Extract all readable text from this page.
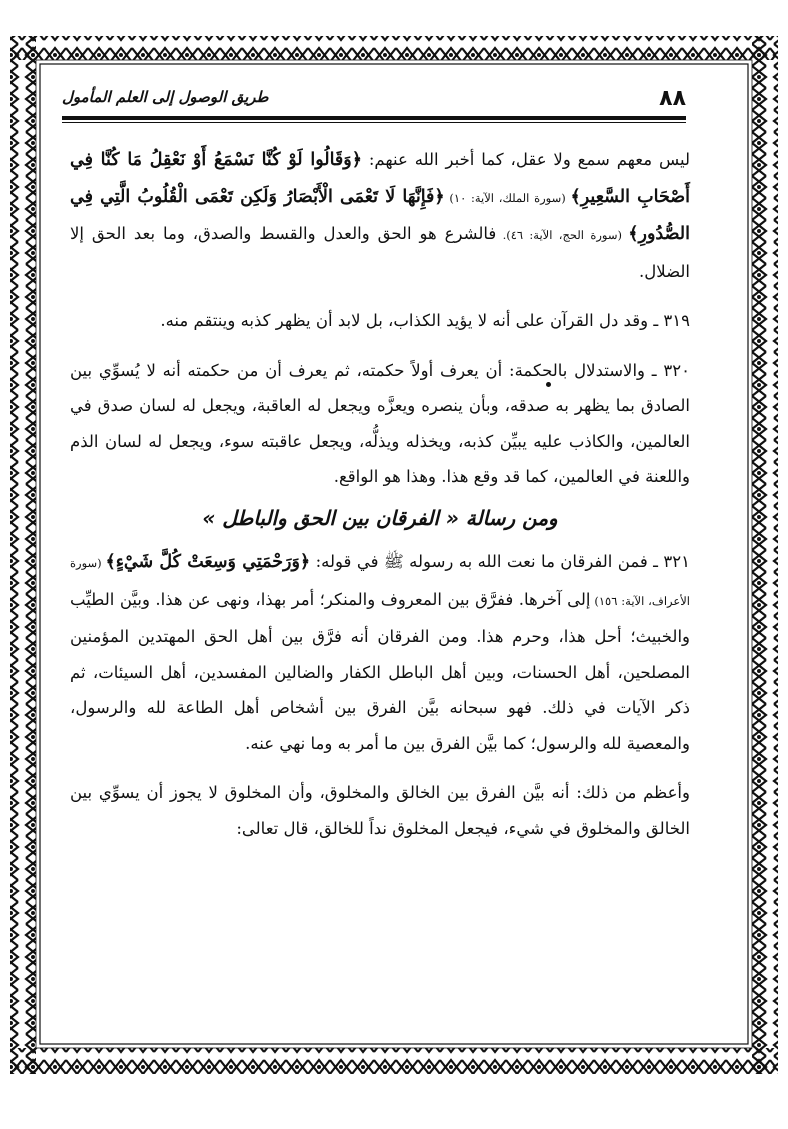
٨٨
طريق الوصول إلى العلم المأمول

ليس معهم سمع ولا عقل، كما أخبر الله عنهم: ﴿وَقَالُوا لَوْ كُنَّا نَسْمَعُ أَوْ نَعْقِلُ مَا كُنَّا فِي أَصْحَابِ السَّعِيرِ﴾ (سورة الملك، الآية: ١٠) ﴿فَإِنَّهَا لَا تَعْمَى الْأَبْصَارُ وَلَكِن تَعْمَى الْقُلُوبُ الَّتِي فِي الصُّدُورِ﴾ (سورة الحج، الآية: ٤٦). فالشرع هو الحق والعدل والقسط والصدق، وما بعد الحق إلا الضلال.

٣١٩ ـ وقد دل القرآن على أنه لا يؤيد الكذاب، بل لابد أن يظهر كذبه وينتقم منه.

٣٢٠ ـ والاستدلال بالحكمة: أن يعرف أولاً حكمته، ثم يعرف أن من حكمته أنه لا يُسوِّي بين الصادق بما يظهر به صدقه، وبأن ينصره ويعزَّه ويجعل له العاقبة، ويجعل له لسان صدق في العالمين، والكاذب عليه يبيِّن كذبه، ويخذله ويذلُّه، ويجعل عاقبته سوء، ويجعل له لسان الذم واللعنة في العالمين، كما قد وقع هذا. وهذا هو الواقع.

ومن رسالة « الفرقان بين الحق والباطل »

٣٢١ ـ فمن الفرقان ما نعت الله به رسوله ﷺ في قوله: ﴿وَرَحْمَتِي وَسِعَتْ كُلَّ شَيْءٍ﴾ (سورة الأعراف، الآية: ١٥٦) إلى آخرها. ففرَّق بين المعروف والمنكر؛ أمر بهذا، ونهى عن هذا. وبيَّن الطيِّب والخبيث؛ أحل هذا، وحرم هذا. ومن الفرقان أنه فرَّق بين أهل الحق المهتدين المؤمنين المصلحين، أهل الحسنات، وبين أهل الباطل الكفار والضالين المفسدين، أهل السيئات، ثم ذكر الآيات في ذلك. فهو سبحانه بيَّن الفرق بين أشخاص أهل الطاعة لله والرسول، والمعصية لله والرسول؛ كما بيَّن الفرق بين ما أمر به وما نهي عنه.

وأعظم من ذلك: أنه بيَّن الفرق بين الخالق والمخلوق، وأن المخلوق لا يجوز أن يسوِّي بين الخالق والمخلوق في شيء، فيجعل المخلوق نداً للخالق، قال تعالى:
